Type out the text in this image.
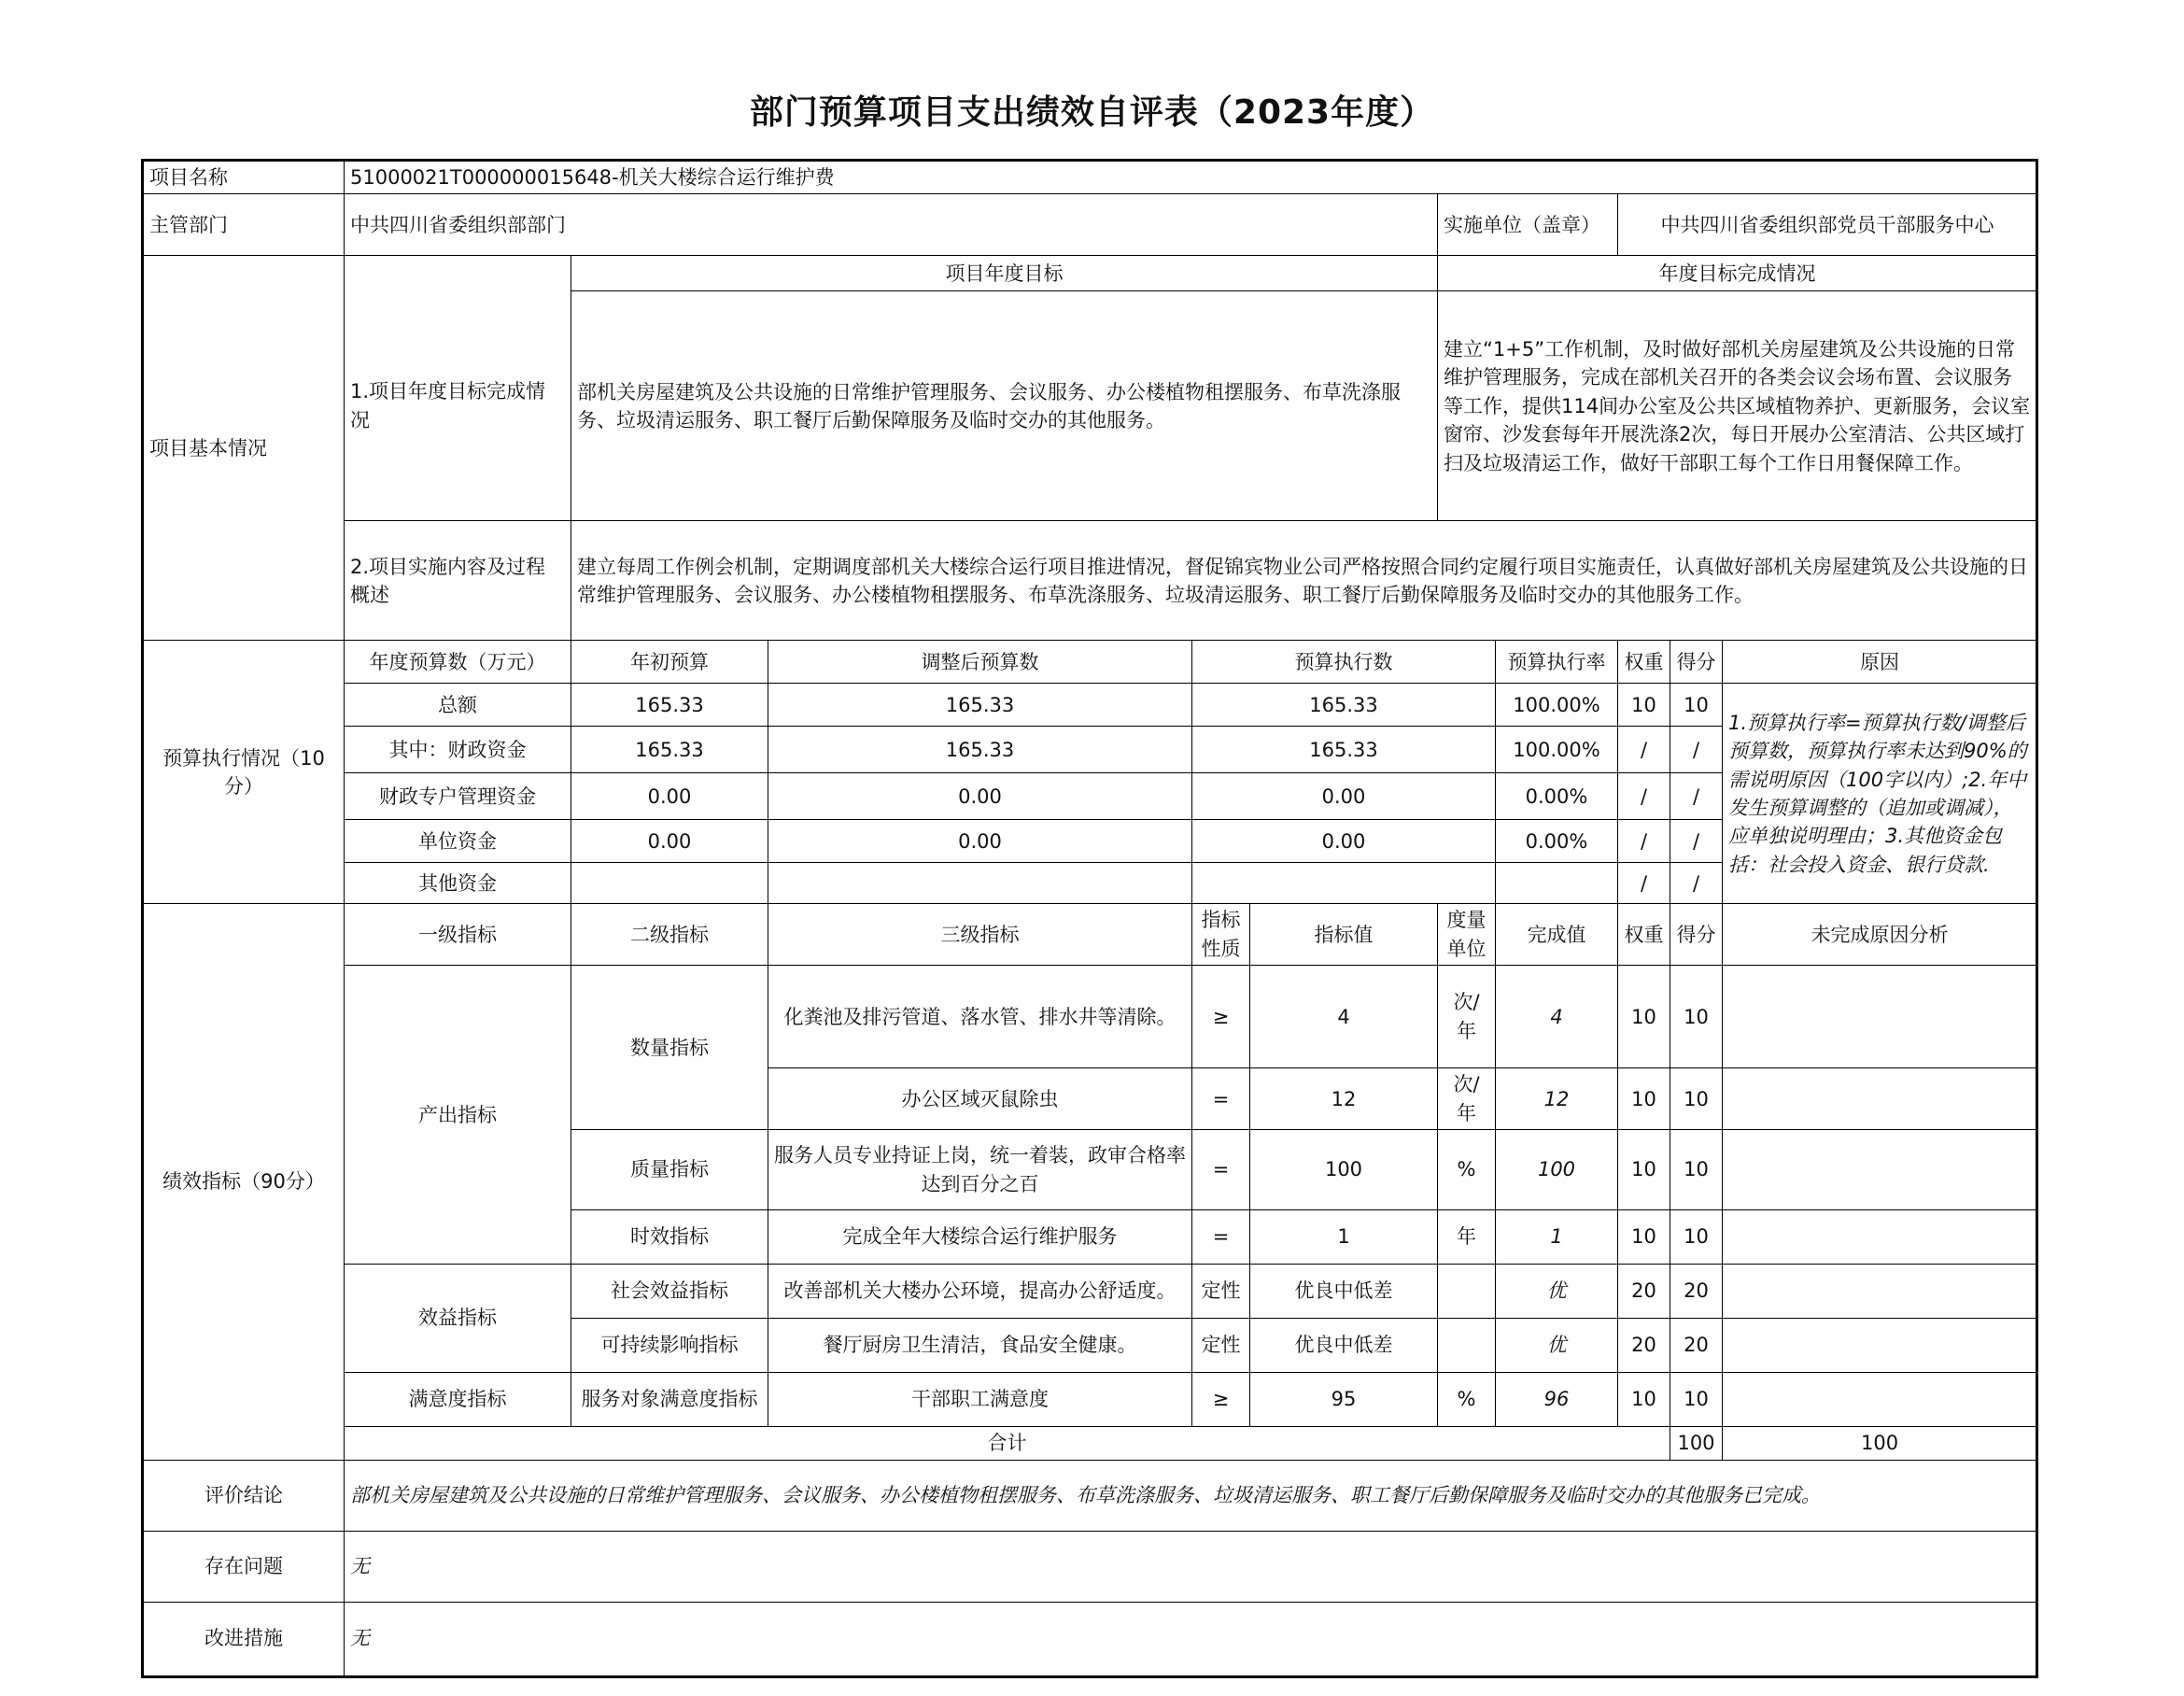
部门预算项目支出绩效自评表（2023年度）
项目名称	51000021T000000015648-机关大楼综合运行维护费										
主管部门	中共四川省委组织部部门					实施单位（盖章）		中共四川省委组织部党员干部服务中心			
项目基本情况		项目年度目标				年度目标完成情况					

	1.项目年度目标完成情况	部机关房屋建筑及公共设施的日常维护管理服务、会议服务、办公楼植物租摆服务、布草洗涤服务、垃圾清运服务、职工餐厅后勤保障服务及临时交办的其他服务。				建立“1+5”工作机制，及时做好部机关房屋建筑及公共设施的日常维护管理服务，完成在部机关召开的各类会议会场布置、会议服务等工作，提供114间办公室及公共区域植物养护、更新服务，会议室窗帘、沙发套每年开展洗涤2次，每日开展办公室清洁、公共区域打扫及垃圾清运工作，做好干部职工每个工作日用餐保障工作。					
	2.项目实施内容及过程概述	建立每周工作例会机制，定期调度部机关大楼综合运行项目推进情况，督促锦宾物业公司严格按照合同约定履行项目实施责任，认真做好部机关房屋建筑及公共设施的日常维护管理服务、会议服务、办公楼植物租摆服务、布草洗涤服务、垃圾清运服务、职工餐厅后勤保障服务及临时交办的其他服务工作。									
预算执行情况（10分）	年度预算数（万元）	年初预算	调整后预算数	预算执行数			预算执行率	权重	得分	原因	
	总额	165.33	165.33	165.33			100.00%	10	10	1.预算执行率=预算执行数/调整后预算数，预算执行率未达到90%的需说明原因（100字以内）;2.年中发生预算调整的（追加或调减），应单独说明理由；3.其他资金包括：社会投入资金、银行贷款.	
	其中：财政资金	165.33	165.33	165.33			100.00%	/	/		
	财政专户管理资金	0.00	0.00	0.00			0.00%	/	/		
	单位资金	0.00	0.00	0.00			0.00%	/	/		
	其他资金							/	/		
绩效指标（90分）	一级指标	二级指标	三级指标	指标性质	指标值	度量单位	完成值	权重	得分	未完成原因分析	
	产出指标	数量指标	化粪池及排污管道、落水管、排水井等清除。	≥	4	次/年	4	10	10		
			办公区域灭鼠除虫	=	12	次/年	12	10	10		
		质量指标	服务人员专业持证上岗，统一着装，政审合格率达到百分之百	=	100	%	100	10	10		
		时效指标	完成全年大楼综合运行维护服务	=	1	年	1	10	10		
	效益指标	社会效益指标	改善部机关大楼办公环境，提高办公舒适度。	定性	优良中低差		优	20	20		
		可持续影响指标	餐厅厨房卫生清洁，食品安全健康。	定性	优良中低差		优	20	20		
	满意度指标	服务对象满意度指标	干部职工满意度	≥	95	%	96	10	10		
	合计								100	100	
评价结论	部机关房屋建筑及公共设施的日常维护管理服务、会议服务、办公楼植物租摆服务、布草洗涤服务、垃圾清运服务、职工餐厅后勤保障服务及临时交办的其他服务已完成。										
存在问题	无										
改进措施	无										
